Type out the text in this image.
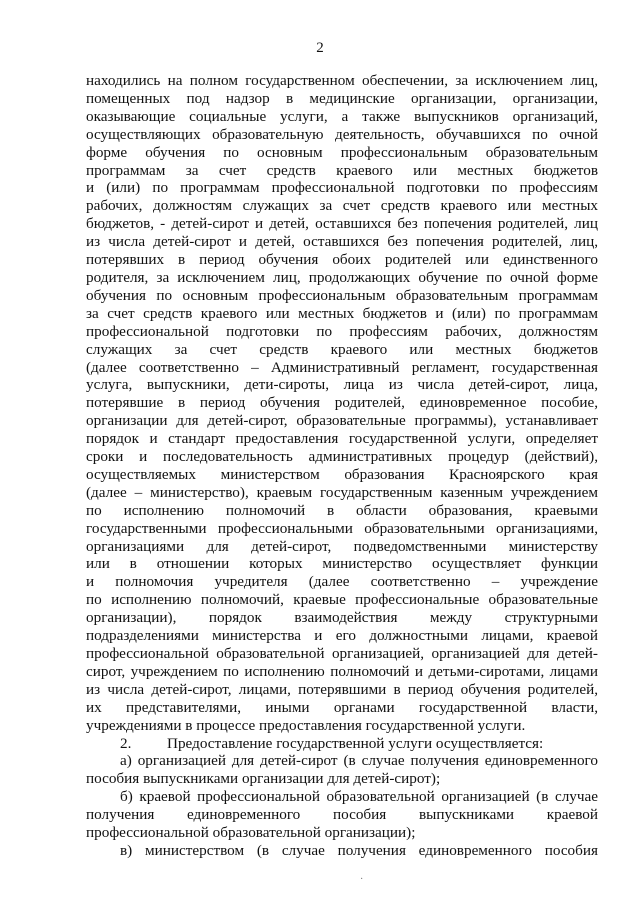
2
находились на полном государственном обеспечении, за исключением лиц,
помещенных под надзор в медицинские организации, организации,
оказывающие социальные услуги, а также выпускников организаций,
осуществляющих образовательную деятельность, обучавшихся по очной
форме обучения по основным профессиональным образовательным
программам за счет средств краевого или местных бюджетов
и (или) по программам профессиональной подготовки по профессиям
рабочих, должностям служащих за счет средств краевого или местных
бюджетов, - детей-сирот и детей, оставшихся без попечения родителей, лиц
из числа детей-сирот и детей, оставшихся без попечения родителей, лиц,
потерявших в период обучения обоих родителей или единственного
родителя, за исключением лиц, продолжающих обучение по очной форме
обучения по основным профессиональным образовательным программам
за счет средств краевого или местных бюджетов и (или) по программам
профессиональной подготовки по профессиям рабочих, должностям
служащих за счет средств краевого или местных бюджетов
(далее соответственно – Административный регламент, государственная
услуга, выпускники, дети-сироты, лица из числа детей-сирот, лица,
потерявшие в период обучения родителей, единовременное пособие,
организации для детей-сирот, образовательные программы), устанавливает
порядок и стандарт предоставления государственной услуги, определяет
сроки и последовательность административных процедур (действий),
осуществляемых министерством образования Красноярского края
(далее – министерство), краевым государственным казенным учреждением
по исполнению полномочий в области образования, краевыми
государственными профессиональными образовательными организациями,
организациями для детей-сирот, подведомственными министерству
или в отношении которых министерство осуществляет функции
и полномочия учредителя (далее соответственно – учреждение
по исполнению полномочий, краевые профессиональные образовательные
организации), порядок взаимодействия между структурными
подразделениями министерства и его должностными лицами, краевой
профессиональной образовательной организацией, организацией для детей-
сирот, учреждением по исполнению полномочий и детьми-сиротами, лицами
из числа детей-сирот, лицами, потерявшими в период обучения родителей,
их представителями, иными органами государственной власти,
учреждениями в процессе предоставления государственной услуги.
2. Предоставление государственной услуги осуществляется:
а) организацией для детей-сирот (в случае получения единовременного
пособия выпускниками организации для детей-сирот);
б) краевой профессиональной образовательной организацией (в случае
получения единовременного пособия выпускниками краевой
профессиональной образовательной организации);
в) министерством (в случае получения единовременного пособия
·
